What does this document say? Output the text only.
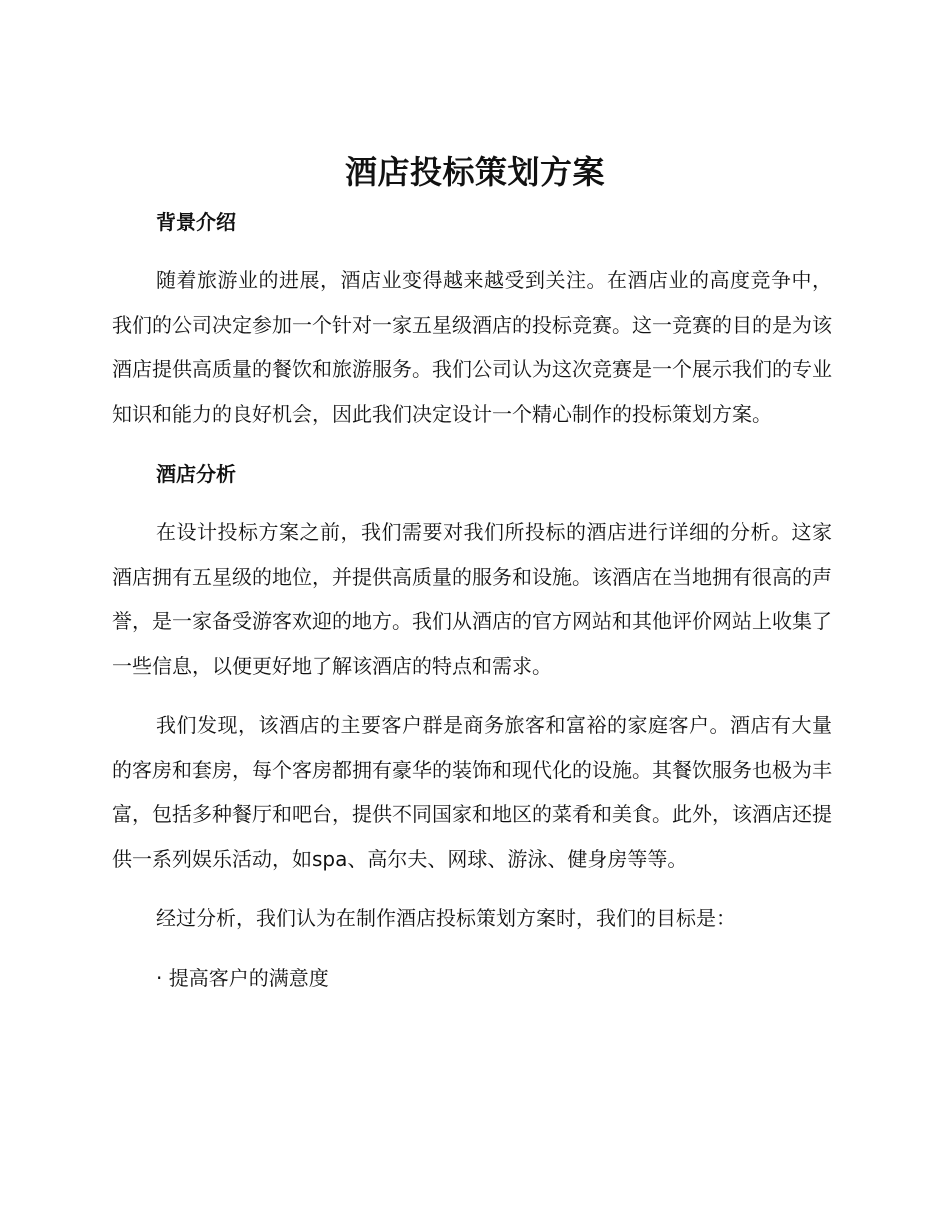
酒店投标策划方案

背景介绍

随着旅游业的进展，酒店业变得越来越受到关注。在酒店业的高度竞争中，我们的公司决定参加一个针对一家五星级酒店的投标竞赛。这一竞赛的目的是为该酒店提供高质量的餐饮和旅游服务。我们公司认为这次竞赛是一个展示我们的专业知识和能力的良好机会，因此我们决定设计一个精心制作的投标策划方案。

酒店分析

在设计投标方案之前，我们需要对我们所投标的酒店进行详细的分析。这家酒店拥有五星级的地位，并提供高质量的服务和设施。该酒店在当地拥有很高的声誉，是一家备受游客欢迎的地方。我们从酒店的官方网站和其他评价网站上收集了一些信息，以便更好地了解该酒店的特点和需求。

我们发现，该酒店的主要客户群是商务旅客和富裕的家庭客户。酒店有大量的客房和套房，每个客房都拥有豪华的装饰和现代化的设施。其餐饮服务也极为丰富，包括多种餐厅和吧台，提供不同国家和地区的菜肴和美食。此外，该酒店还提供一系列娱乐活动，如spa、高尔夫、网球、游泳、健身房等等。

经过分析，我们认为在制作酒店投标策划方案时，我们的目标是：

· 提高客户的满意度
